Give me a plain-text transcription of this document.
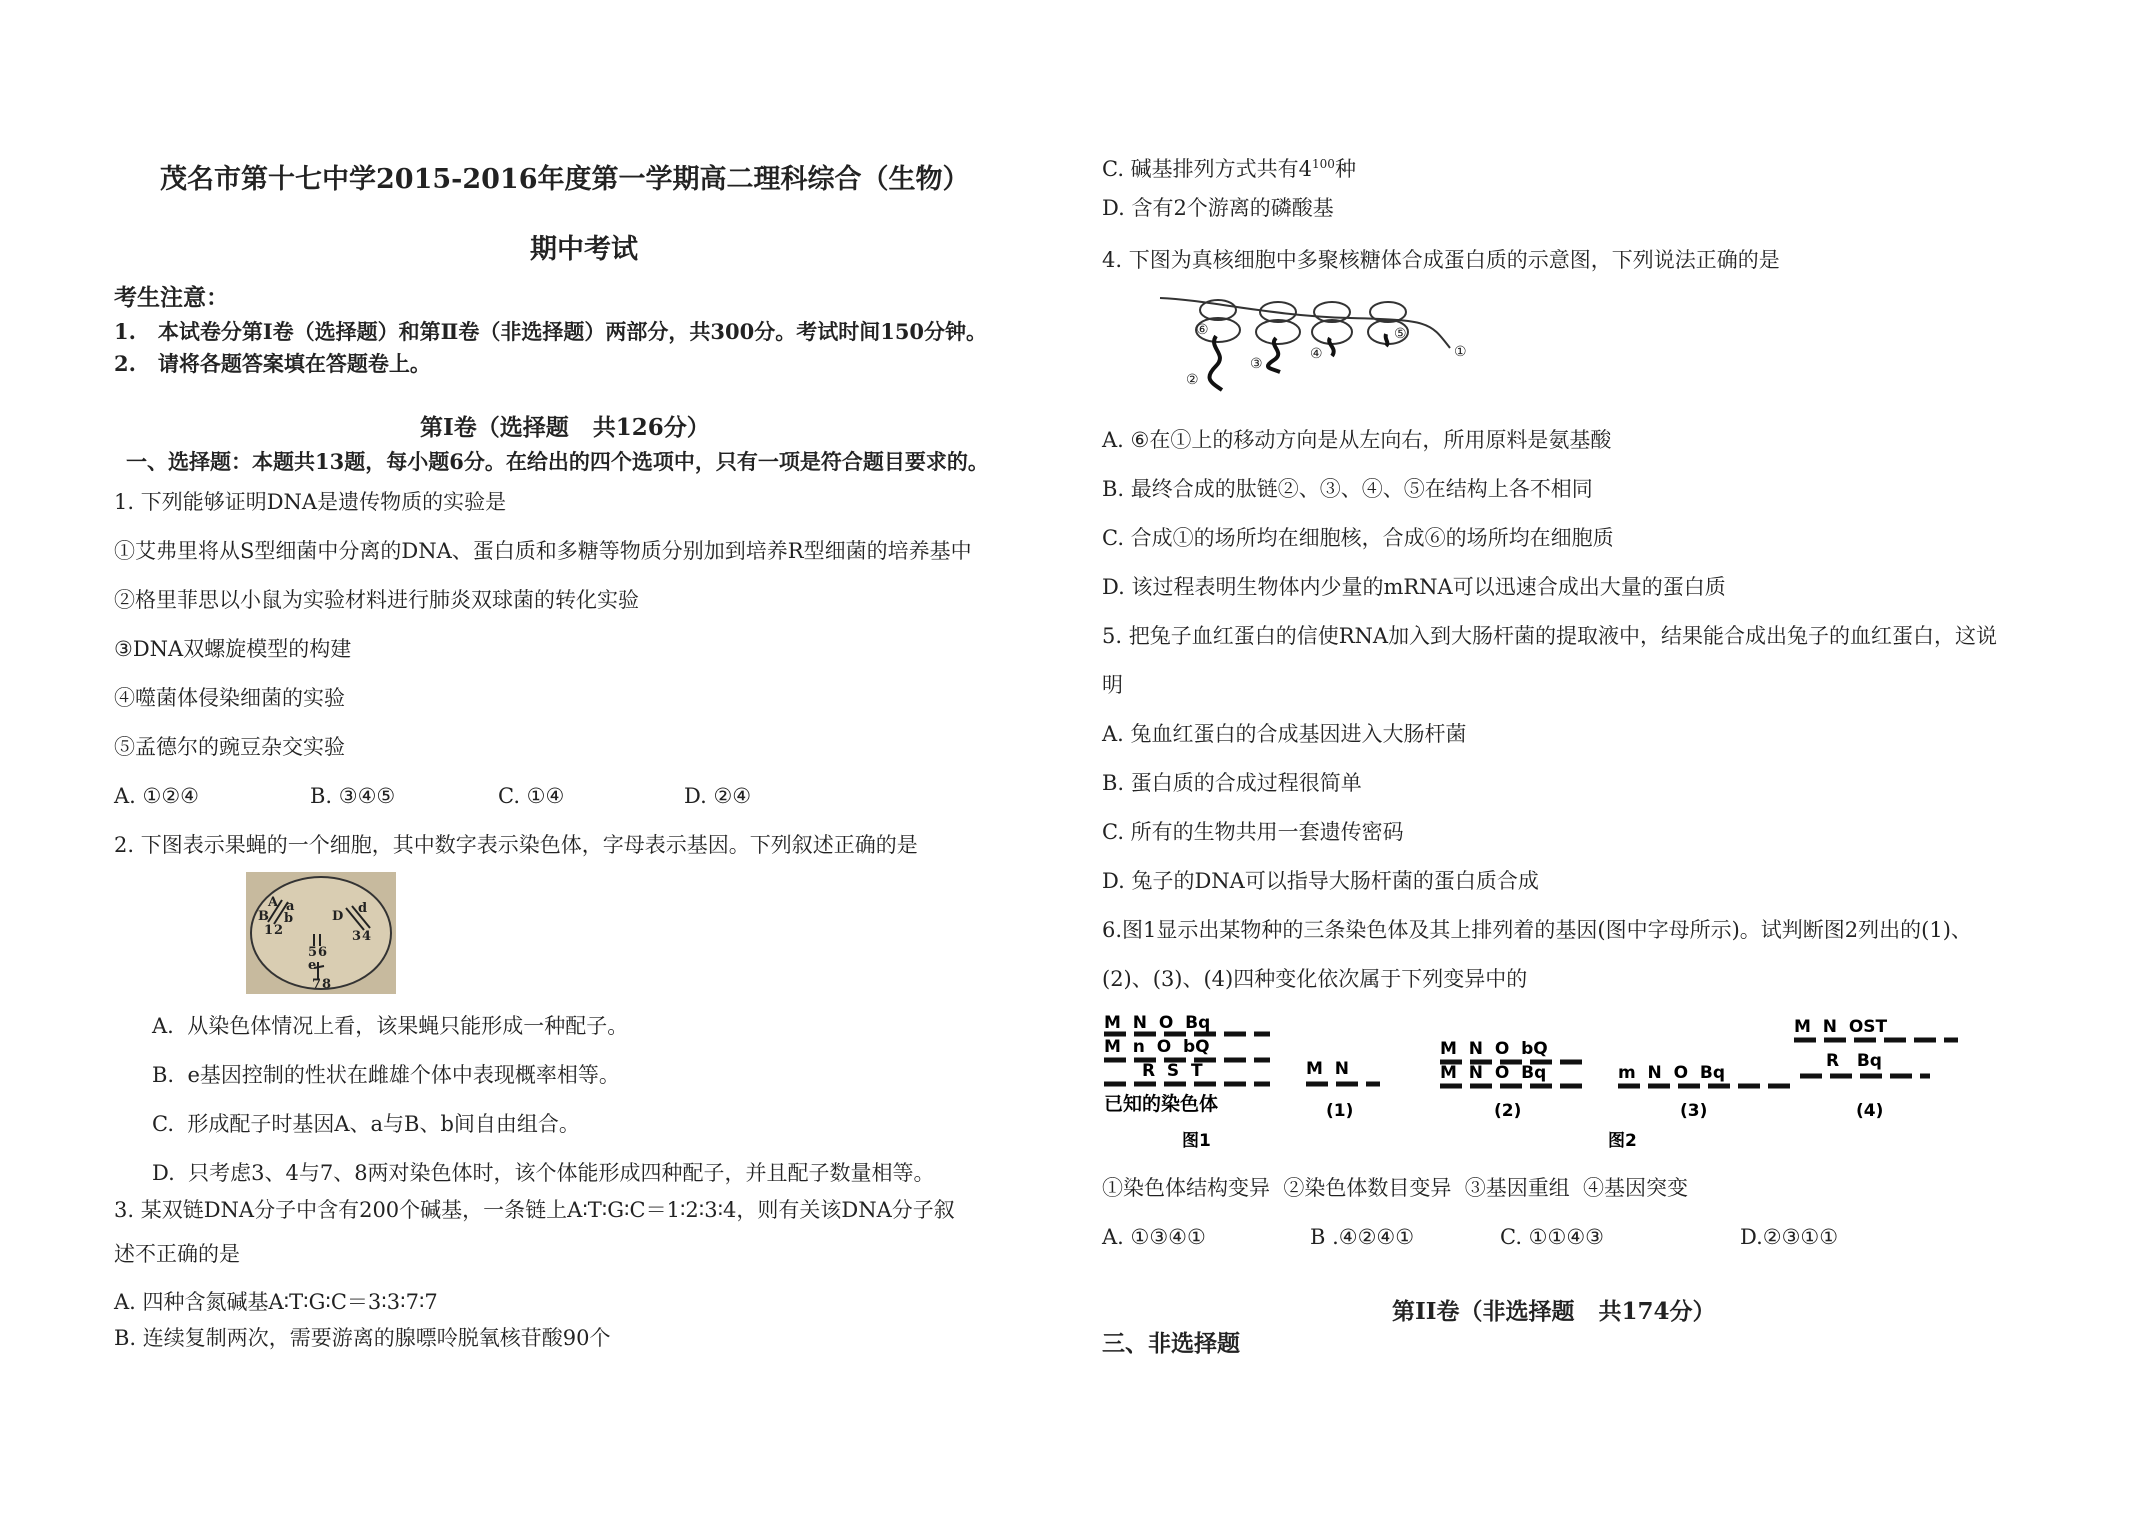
茂名市第十七中学2015-2016年度第一学期高二理科综合（生物）
期中考试
考生注意：
1.   本试卷分第Ⅰ卷（选择题）和第Ⅱ卷（非选择题）两部分，共300分。考试时间150分钟。
2.   请将各题答案填在答题卷上。
第Ⅰ卷（选择题   共126分）
一、选择题：本题共13题，每小题6分。在给出的四个选项中，只有一项是符合题目要求的。
1. 下列能够证明DNA是遗传物质的实验是
①艾弗里将从S型细菌中分离的DNA、蛋白质和多糖等物质分别加到培养R型细菌的培养基中
②格里菲思以小鼠为实验材料进行肺炎双球菌的转化实验
③DNA双螺旋模型的构建
④噬菌体侵染细菌的实验
⑤孟德尔的豌豆杂交实验
A. ①②④	B. ③④⑤	C. ①④	D. ②④
2. 下图表示果蝇的一个细胞，其中数字表示染色体，字母表示基因。下列叙述正确的是
A a
B b
1 2
D
d
3 4
5 6
e
7 8
A.  从染色体情况上看，该果蝇只能形成一种配子。
B.  e基因控制的性状在雌雄个体中表现概率相等。
C.  形成配子时基因A、a与B、b间自由组合。
D.  只考虑3、4与7、8两对染色体时，该个体能形成四种配子，并且配子数量相等。
3. 某双链DNA分子中含有200个碱基，一条链上A∶T∶G∶C＝1∶2∶3∶4，则有关该DNA分子叙
述不正确的是
A. 四种含氮碱基A∶T∶G∶C＝3∶3∶7∶7
B. 连续复制两次，需要游离的腺嘌呤脱氧核苷酸90个
C. 碱基排列方式共有$4^{100}$种
D. 含有2个游离的磷酸基
4. 下图为真核细胞中多聚核糖体合成蛋白质的示意图，下列说法正确的是
⑥
②
③
④
⑤
①
A. ⑥在①上的移动方向是从左向右，所用原料是氨基酸
B. 最终合成的肽链②、③、④、⑤在结构上各不相同
C. 合成①的场所均在细胞核，合成⑥的场所均在细胞质
D. 该过程表明生物体内少量的mRNA可以迅速合成出大量的蛋白质
5. 把兔子血红蛋白的信使RNA加入到大肠杆菌的提取液中，结果能合成出兔子的血红蛋白，这说
明
A. 兔血红蛋白的合成基因进入大肠杆菌
B. 蛋白质的合成过程很简单
C. 所有的生物共用一套遗传密码
D. 兔子的DNA可以指导大肠杆菌的蛋白质合成
6.图1显示出某物种的三条染色体及其上排列着的基因(图中字母所示)。试判断图2列出的(1)、
(2)、(3)、(4)四种变化依次属于下列变异中的
M  N  O  Bq
M  n  O  bQ
R  S  T
已知的染色体
图1
M  N
(1)
M  N  O  bQ
M  N  O  Bq
(2)
图2
m  N  O  Bq
(3)
M  N  OST
R   Bq
(4)
①染色体结构变异  ②染色体数目变异  ③基因重组  ④基因突变
A. ①③④①	B .④②④①	C. ①①④③	D.②③①①
第II卷（非选择题   共174分）
三、非选择题
